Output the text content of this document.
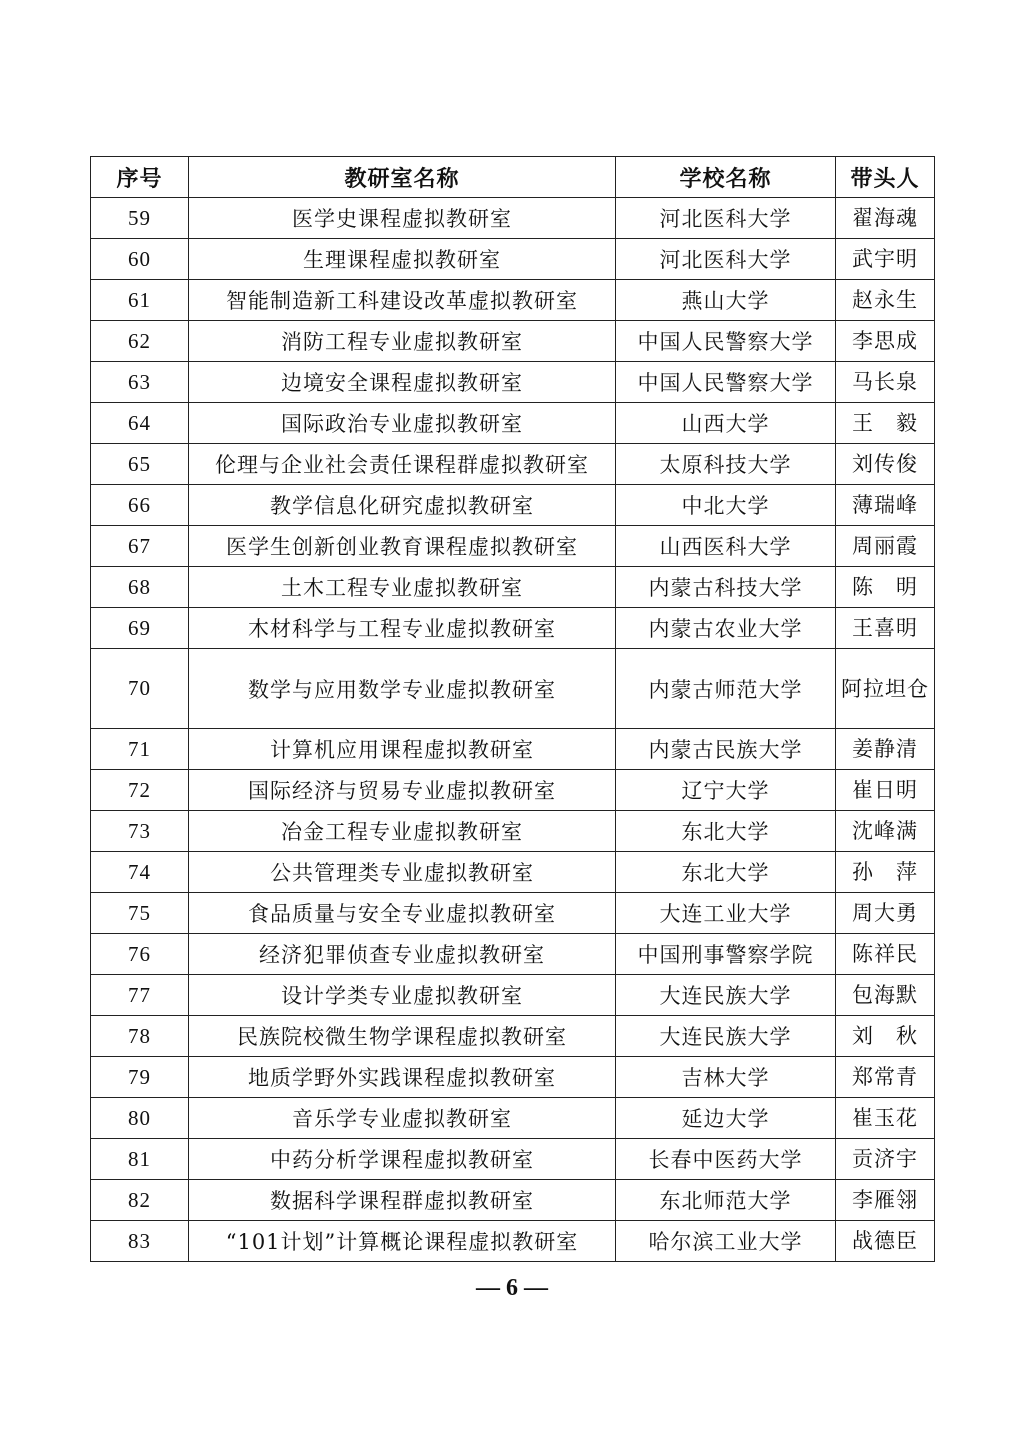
序号	教研室名称	学校名称	带头人
59	医学史课程虚拟教研室	河北医科大学	翟海魂
60	生理课程虚拟教研室	河北医科大学	武宇明
61	智能制造新工科建设改革虚拟教研室	燕山大学	赵永生
62	消防工程专业虚拟教研室	中国人民警察大学	李思成
63	边境安全课程虚拟教研室	中国人民警察大学	马长泉
64	国际政治专业虚拟教研室	山西大学	王　毅
65	伦理与企业社会责任课程群虚拟教研室	太原科技大学	刘传俊
66	教学信息化研究虚拟教研室	中北大学	薄瑞峰
67	医学生创新创业教育课程虚拟教研室	山西医科大学	周丽霞
68	土木工程专业虚拟教研室	内蒙古科技大学	陈　明
69	木材科学与工程专业虚拟教研室	内蒙古农业大学	王喜明
70	数学与应用数学专业虚拟教研室	内蒙古师范大学	阿拉坦仓
71	计算机应用课程虚拟教研室	内蒙古民族大学	姜静清
72	国际经济与贸易专业虚拟教研室	辽宁大学	崔日明
73	冶金工程专业虚拟教研室	东北大学	沈峰满
74	公共管理类专业虚拟教研室	东北大学	孙　萍
75	食品质量与安全专业虚拟教研室	大连工业大学	周大勇
76	经济犯罪侦查专业虚拟教研室	中国刑事警察学院	陈祥民
77	设计学类专业虚拟教研室	大连民族大学	包海默
78	民族院校微生物学课程虚拟教研室	大连民族大学	刘　秋
79	地质学野外实践课程虚拟教研室	吉林大学	郑常青
80	音乐学专业虚拟教研室	延边大学	崔玉花
81	中药分析学课程虚拟教研室	长春中医药大学	贡济宇
82	数据科学课程群虚拟教研室	东北师范大学	李雁翎
83	“101计划”计算概论课程虚拟教研室	哈尔滨工业大学	战德臣
— 6 —
